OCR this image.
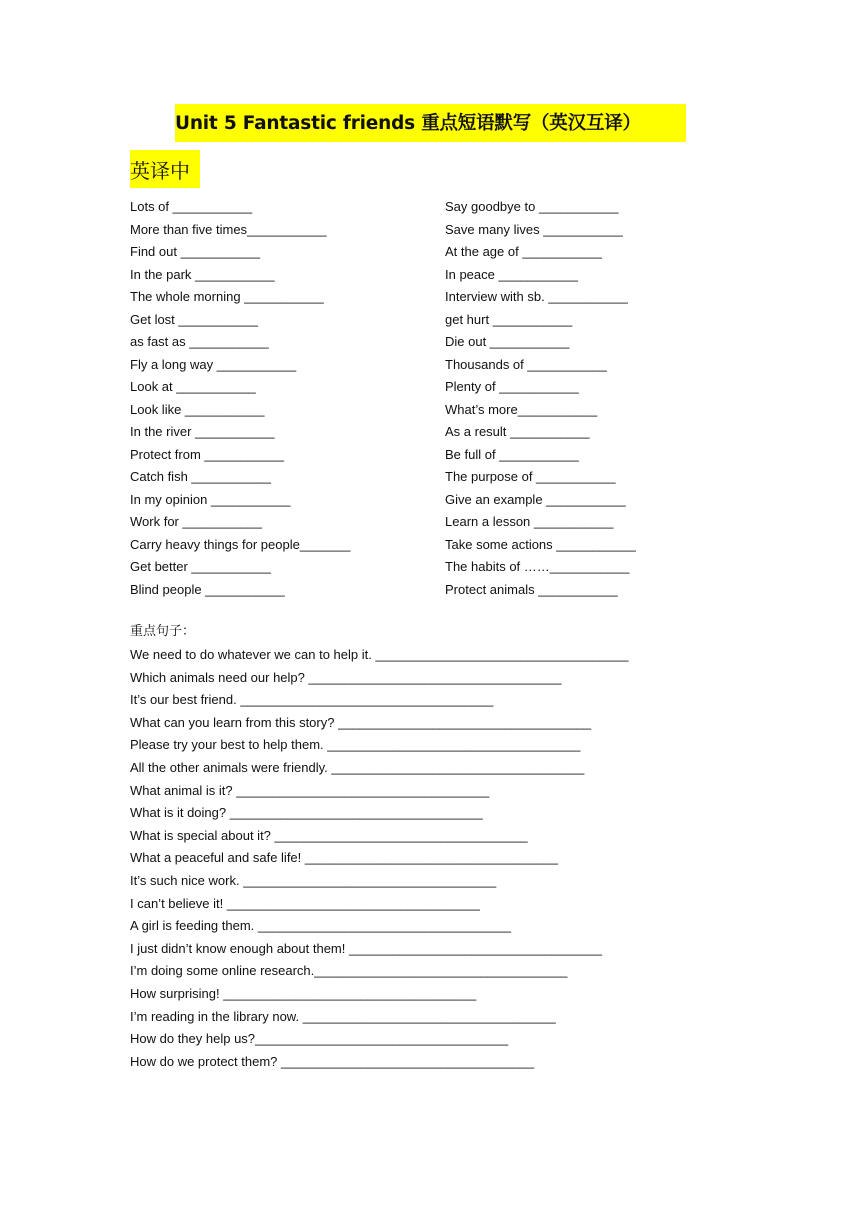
Unit 5 Fantastic friends 重点短语默写（英汉互译）
英译中
Lots of ___________
More than five times___________
Find out ___________
In the park ___________
The whole morning ___________
Get lost ___________
as fast as ___________
Fly a long way ___________
Look at ___________
Look like ___________
In the river ___________
Protect from ___________
Catch fish ___________
In my opinion ___________
Work for ___________
Carry heavy things for people_______
Get better ___________
Blind people ___________
Say goodbye to ___________
Save many lives ___________
At the age of ___________
In peace ___________
Interview with sb. ___________
get hurt ___________
Die out ___________
Thousands of ___________
Plenty of ___________
What’s more___________
As a result ___________
Be full of ___________
The purpose of ___________
Give an example ___________
Learn a lesson ___________
Take some actions ___________
The habits of ……___________
Protect animals ___________
重点句子：
We need to do whatever we can to help it. ___________________________________
Which animals need our help? ___________________________________
It’s our best friend. ___________________________________
What can you learn from this story? ___________________________________
Please try your best to help them. ___________________________________
All the other animals were friendly. ___________________________________
What animal is it? ___________________________________
What is it doing? ___________________________________
What is special about it? ___________________________________
What a peaceful and safe life! ___________________________________
It’s such nice work. ___________________________________
I can’t believe it! ___________________________________
A girl is feeding them. ___________________________________
I just didn’t know enough about them! ___________________________________
I’m doing some online research.___________________________________
How surprising! ___________________________________
I’m reading in the library now. ___________________________________
How do they help us?___________________________________
How do we protect them? ___________________________________
